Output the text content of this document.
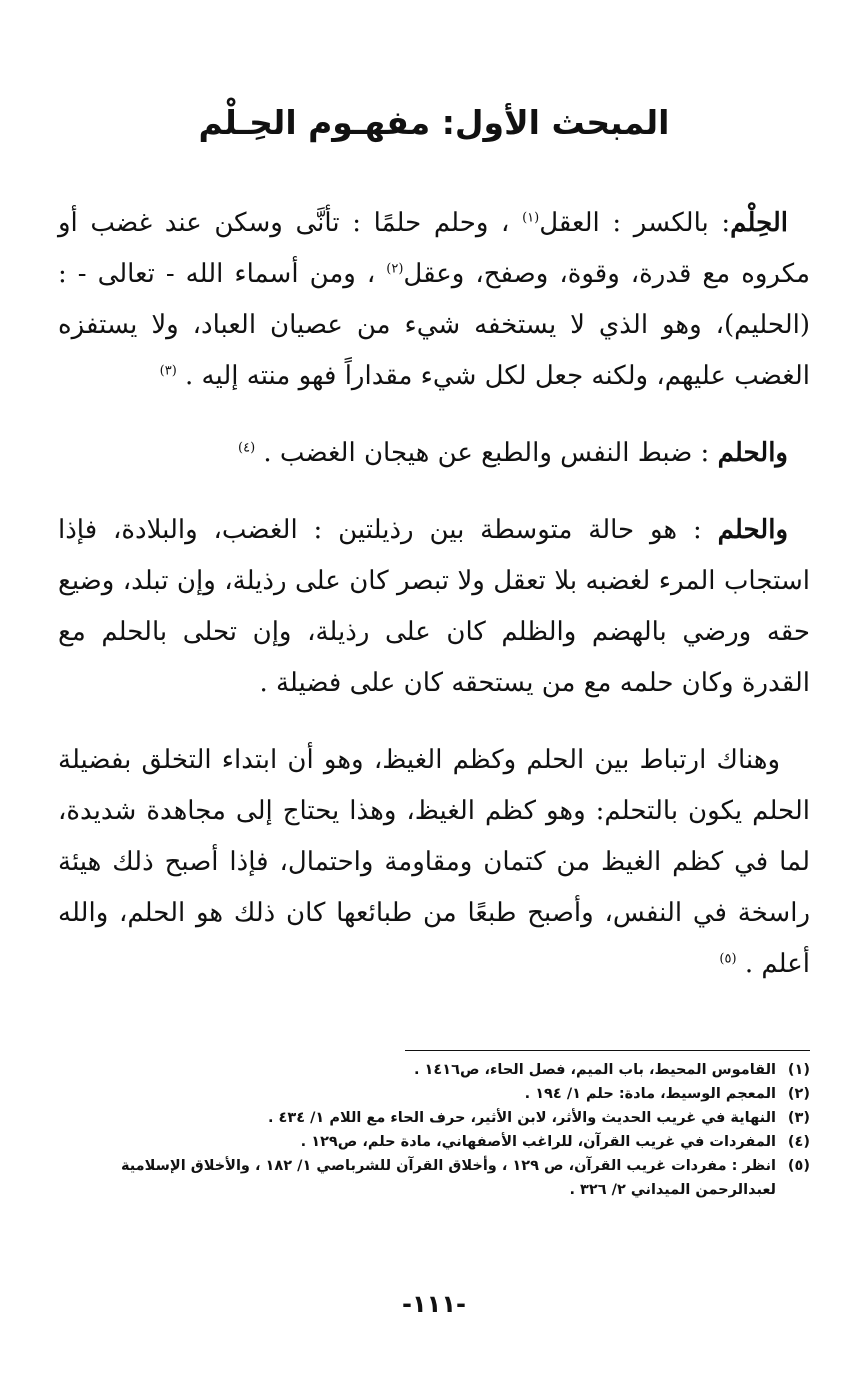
المبحث الأول: مفهـوم الحِـلْم

الحِلْم: بالكسر : العقل$^{(١)}$ ، وحلم حلمًا : تأنَّى وسكن عند غضب أو مكروه مع قدرة، وقوة، وصفح، وعقل$^{(٢)}$ ، ومن أسماء الله - تعالى - : (الحليم)، وهو الذي لا يستخفه شيء من عصيان العباد، ولا يستفزه الغضب عليهم، ولكنه جعل لكل شيء مقداراً فهو منته إليه . $^{(٣)}$

والحلم : ضبط النفس والطبع عن هيجان الغضب . $^{(٤)}$

والحلم : هو حالة متوسطة بين رذيلتين : الغضب، والبلادة، فإذا استجاب المرء لغضبه بلا تعقل ولا تبصر كان على رذيلة، وإن تبلد، وضيع حقه ورضي بالهضم والظلم كان على رذيلة، وإن تحلى بالحلم مع القدرة وكان حلمه مع من يستحقه كان على فضيلة .

وهناك ارتباط بين الحلم وكظم الغيظ، وهو أن ابتداء التخلق بفضيلة الحلم يكون بالتحلم: وهو كظم الغيظ، وهذا يحتاج إلى مجاهدة شديدة، لما في كظم الغيظ من كتمان ومقاومة واحتمال، فإذا أصبح ذلك هيئة راسخة في النفس، وأصبح طبعًا من طبائعها كان ذلك هو الحلم، والله أعلم . $^{(٥)}$

(١)
القاموس المحيط، باب الميم، فصل الحاء، ص١٤١٦ .
(٢)
المعجم الوسيط، مادة: حلم ١/ ١٩٤ .
(٣)
النهاية في غريب الحديث والأثر، لابن الأثير، حرف الحاء مع اللام ١/ ٤٣٤ .
(٤)
المفردات في غريب القرآن، للراغب الأصفهاني، مادة حلم، ص١٢٩ .
(٥)
انظر : مفردات غريب القرآن، ص ١٢٩ ، وأخلاق القرآن للشرباصي ١/ ١٨٢ ، والأخلاق الإسلامية لعبدالرحمن الميداني ٢/ ٣٢٦ .
-١١١-
